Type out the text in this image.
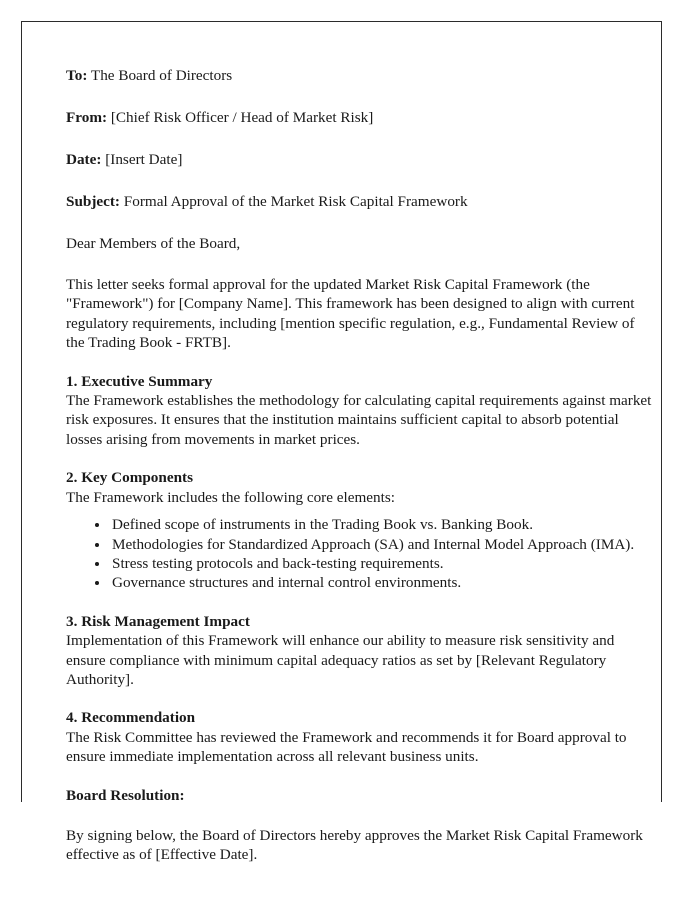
To: The Board of Directors

From: [Chief Risk Officer / Head of Market Risk]

Date: [Insert Date]

Subject: Formal Approval of the Market Risk Capital Framework

Dear Members of the Board,

This letter seeks formal approval for the updated Market Risk Capital Framework (the "Framework") for [Company Name]. This framework has been designed to align with current regulatory requirements, including [mention specific regulation, e.g., Fundamental Review of the Trading Book - FRTB].

1. Executive Summary

The Framework establishes the methodology for calculating capital requirements against market risk exposures. It ensures that the institution maintains sufficient capital to absorb potential losses arising from movements in market prices.

2. Key Components

The Framework includes the following core elements:

• Defined scope of instruments in the Trading Book vs. Banking Book.
• Methodologies for Standardized Approach (SA) and Internal Model Approach (IMA).
• Stress testing protocols and back-testing requirements.
• Governance structures and internal control environments.

3. Risk Management Impact

Implementation of this Framework will enhance our ability to measure risk sensitivity and ensure compliance with minimum capital adequacy ratios as set by [Relevant Regulatory Authority].

4. Recommendation

The Risk Committee has reviewed the Framework and recommends it for Board approval to ensure immediate implementation across all relevant business units.

Board Resolution:

By signing below, the Board of Directors hereby approves the Market Risk Capital Framework effective as of [Effective Date].
